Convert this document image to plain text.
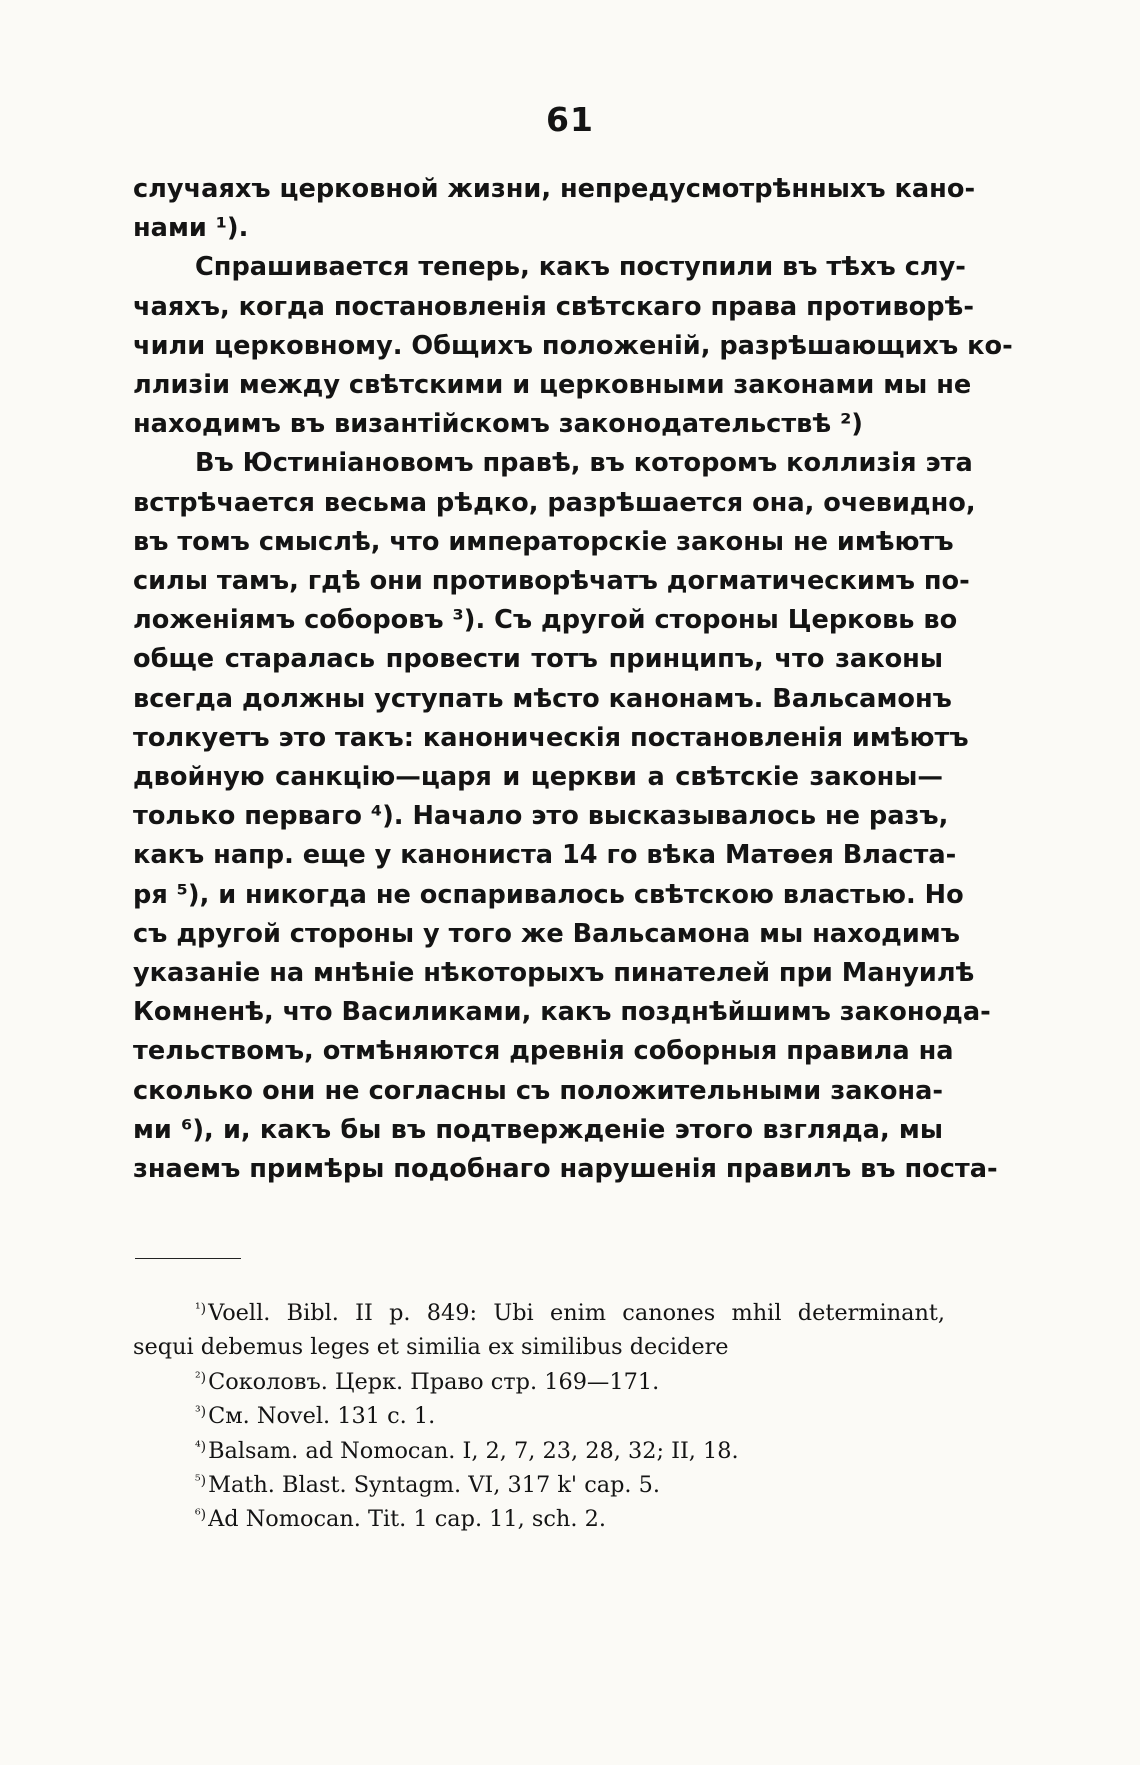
61
случаяхъ церковной жизни, непредусмотрѣнныхъ кано-
нами ¹).
Спрашивается теперь, какъ поступили въ тѣхъ слу-
чаяхъ, когда постановленія свѣтскаго права противорѣ-
чили церковному. Общихъ положеній, разрѣшающихъ ко-
ллизіи между свѣтскими и церковными законами мы не
находимъ въ византійскомъ законодательствѣ ²)
Въ Юстиніановомъ правѣ, въ которомъ коллизія эта
встрѣчается весьма рѣдко, разрѣшается она, очевидно,
въ томъ смыслѣ, что императорскіе законы не имѣютъ
силы тамъ, гдѣ они противорѣчатъ догматическимъ по-
ложеніямъ соборовъ ³). Съ другой стороны Церковь во
обще старалась провести тотъ принципъ, что законы
всегда должны уступать мѣсто канонамъ. Вальсамонъ
толкуетъ это такъ: каноническія постановленія имѣютъ
двойную санкцію—царя и церкви а свѣтскіе законы—
только перваго ⁴). Начало это высказывалось не разъ,
какъ напр. еще у канониста 14 го вѣка Матѳея Власта-
ря ⁵), и никогда не оспаривалось свѣтскою властью. Но
съ другой стороны у того же Вальсамона мы находимъ
указаніе на мнѣніе нѣкоторыхъ пинателей при Мануилѣ
Комненѣ, что Василиками, какъ позднѣйшимъ законода-
тельствомъ, отмѣняются древнія соборныя правила на
сколько они не согласны съ положительными закона-
ми ⁶), и, какъ бы въ подтвержденіе этого взгляда, мы
знаемъ примѣры подобнаго нарушенія правилъ въ поста-
$^{^1)}$Voell. Bibl. II p. 849: Ubi enim canones mhil determinant,
sequi debemus leges et similia ex similibus decidere
$^{^2)}$Соколовъ. Церк. Право стр. 169—171.
$^{^3)}$См. Novel. 131 c. 1.
$^{^4)}$Balsam. ad Nomocan. I, 2, 7, 23, 28, 32; II, 18.
$^{^5)}$Math. Blast. Syntagm. VI, 317 k' cap. 5.
$^{^6)}$Ad Nomocan. Tit. 1 cap. 11, sch. 2.
